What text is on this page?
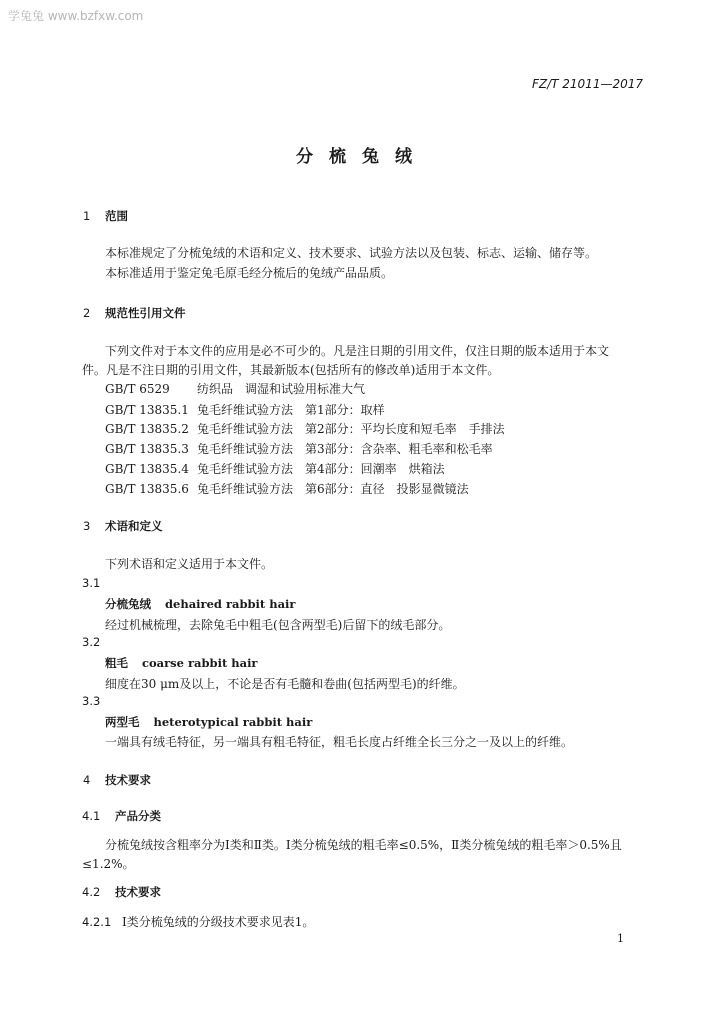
学兔兔 www.bzfxw.com
FZ/T 21011—2017
分梳兔绒
1 范围
本标准规定了分梳兔绒的术语和定义、技术要求、试验方法以及包装、标志、运输、储存等。
本标准适用于鉴定兔毛原毛经分梳后的兔绒产品品质。
2 规范性引用文件
下列文件对于本文件的应用是必不可少的。凡是注日期的引用文件，仅注日期的版本适用于本文
件。凡是不注日期的引用文件，其最新版本(包括所有的修改单)适用于本文件。
GB/T 6529 纺织品　调湿和试验用标准大气
GB/T 13835.1 兔毛纤维试验方法　第1部分：取样
GB/T 13835.2 兔毛纤维试验方法　第2部分：平均长度和短毛率　手排法
GB/T 13835.3 兔毛纤维试验方法　第3部分：含杂率、粗毛率和松毛率
GB/T 13835.4 兔毛纤维试验方法　第4部分：回潮率　烘箱法
GB/T 13835.6 兔毛纤维试验方法　第6部分：直径　投影显微镜法
3 术语和定义
下列术语和定义适用于本文件。
3.1
分梳兔绒 dehaired rabbit hair
经过机械梳理，去除兔毛中粗毛(包含两型毛)后留下的绒毛部分。
3.2
粗毛 coarse rabbit hair
细度在30 μm及以上，不论是否有毛髓和卷曲(包括两型毛)的纤维。
3.3
两型毛 heterotypical rabbit hair
一端具有绒毛特征，另一端具有粗毛特征，粗毛长度占纤维全长三分之一及以上的纤维。
4 技术要求
4.1 产品分类
分梳兔绒按含粗率分为Ⅰ类和Ⅱ类。Ⅰ类分梳兔绒的粗毛率≤0.5%，Ⅱ类分梳兔绒的粗毛率＞0.5%且
≤1.2%。
4.2 技术要求
4.2.1 Ⅰ类分梳兔绒的分级技术要求见表1。
1
